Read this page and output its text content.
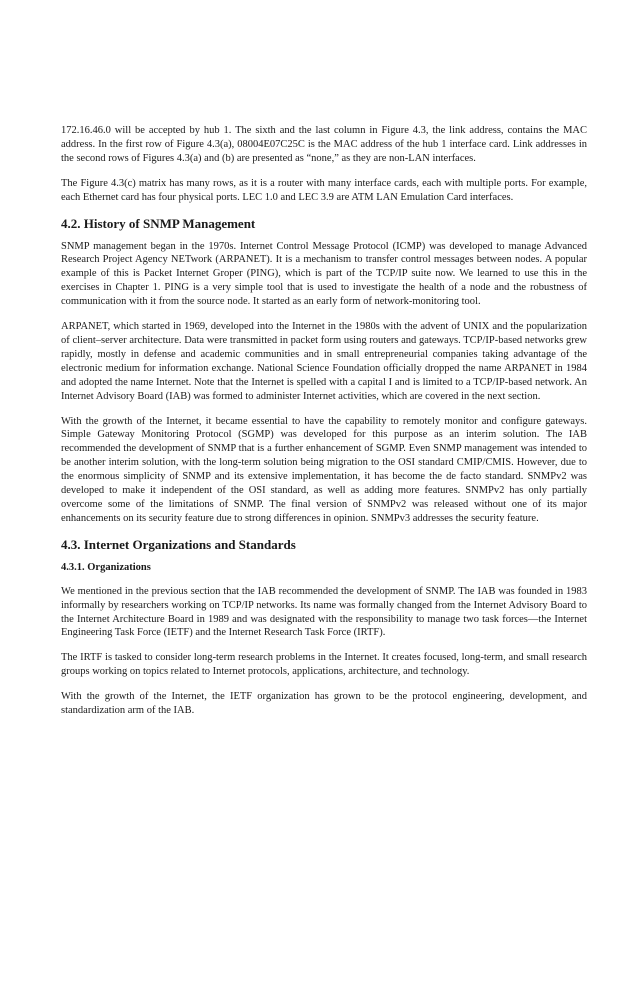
172.16.46.0 will be accepted by hub 1. The sixth and the last column in Figure 4.3, the link address, contains the MAC address. In the first row of Figure 4.3(a), 08004E07C25C is the MAC address of the hub 1 interface card. Link addresses in the second rows of Figures 4.3(a) and (b) are presented as “none,” as they are non-LAN interfaces.

The Figure 4.3(c) matrix has many rows, as it is a router with many interface cards, each with multiple ports. For example, each Ethernet card has four physical ports. LEC 1.0 and LEC 3.9 are ATM LAN Emulation Card interfaces.

4.2. History of SNMP Management

SNMP management began in the 1970s. Internet Control Message Protocol (ICMP) was developed to manage Advanced Research Project Agency NETwork (ARPANET). It is a mechanism to transfer control messages between nodes. A popular example of this is Packet Internet Groper (PING), which is part of the TCP/IP suite now. We learned to use this in the exercises in Chapter 1. PING is a very simple tool that is used to investigate the health of a node and the robustness of communication with it from the source node. It started as an early form of network-monitoring tool.

ARPANET, which started in 1969, developed into the Internet in the 1980s with the advent of UNIX and the popularization of client–server architecture. Data were transmitted in packet form using routers and gateways. TCP/IP-based networks grew rapidly, mostly in defense and academic communities and in small entrepreneurial companies taking advantage of the electronic medium for information exchange. National Science Foundation officially dropped the name ARPANET in 1984 and adopted the name Internet. Note that the Internet is spelled with a capital I and is limited to a TCP/IP-based network. An Internet Advisory Board (IAB) was formed to administer Internet activities, which are covered in the next section.

With the growth of the Internet, it became essential to have the capability to remotely monitor and configure gateways. Simple Gateway Monitoring Protocol (SGMP) was developed for this purpose as an interim solution. The IAB recommended the development of SNMP that is a further enhancement of SGMP. Even SNMP management was intended to be another interim solution, with the long-term solution being migration to the OSI standard CMIP/CMIS. However, due to the enormous simplicity of SNMP and its extensive implementation, it has become the de facto standard. SNMPv2 was developed to make it independent of the OSI standard, as well as adding more features. SNMPv2 has only partially overcome some of the limitations of SNMP. The final version of SNMPv2 was released without one of its major enhancements on its security feature due to strong differences in opinion. SNMPv3 addresses the security feature.

4.3. Internet Organizations and Standards
4.3.1. Organizations

We mentioned in the previous section that the IAB recommended the development of SNMP. The IAB was founded in 1983 informally by researchers working on TCP/IP networks. Its name was formally changed from the Internet Advisory Board to the Internet Architecture Board in 1989 and was designated with the responsibility to manage two task forces—the Internet Engineering Task Force (IETF) and the Internet Research Task Force (IRTF).

The IRTF is tasked to consider long-term research problems in the Internet. It creates focused, long-term, and small research groups working on topics related to Internet protocols, applications, architecture, and technology.

With the growth of the Internet, the IETF organization has grown to be the protocol engineering, development, and standardization arm of the IAB.
